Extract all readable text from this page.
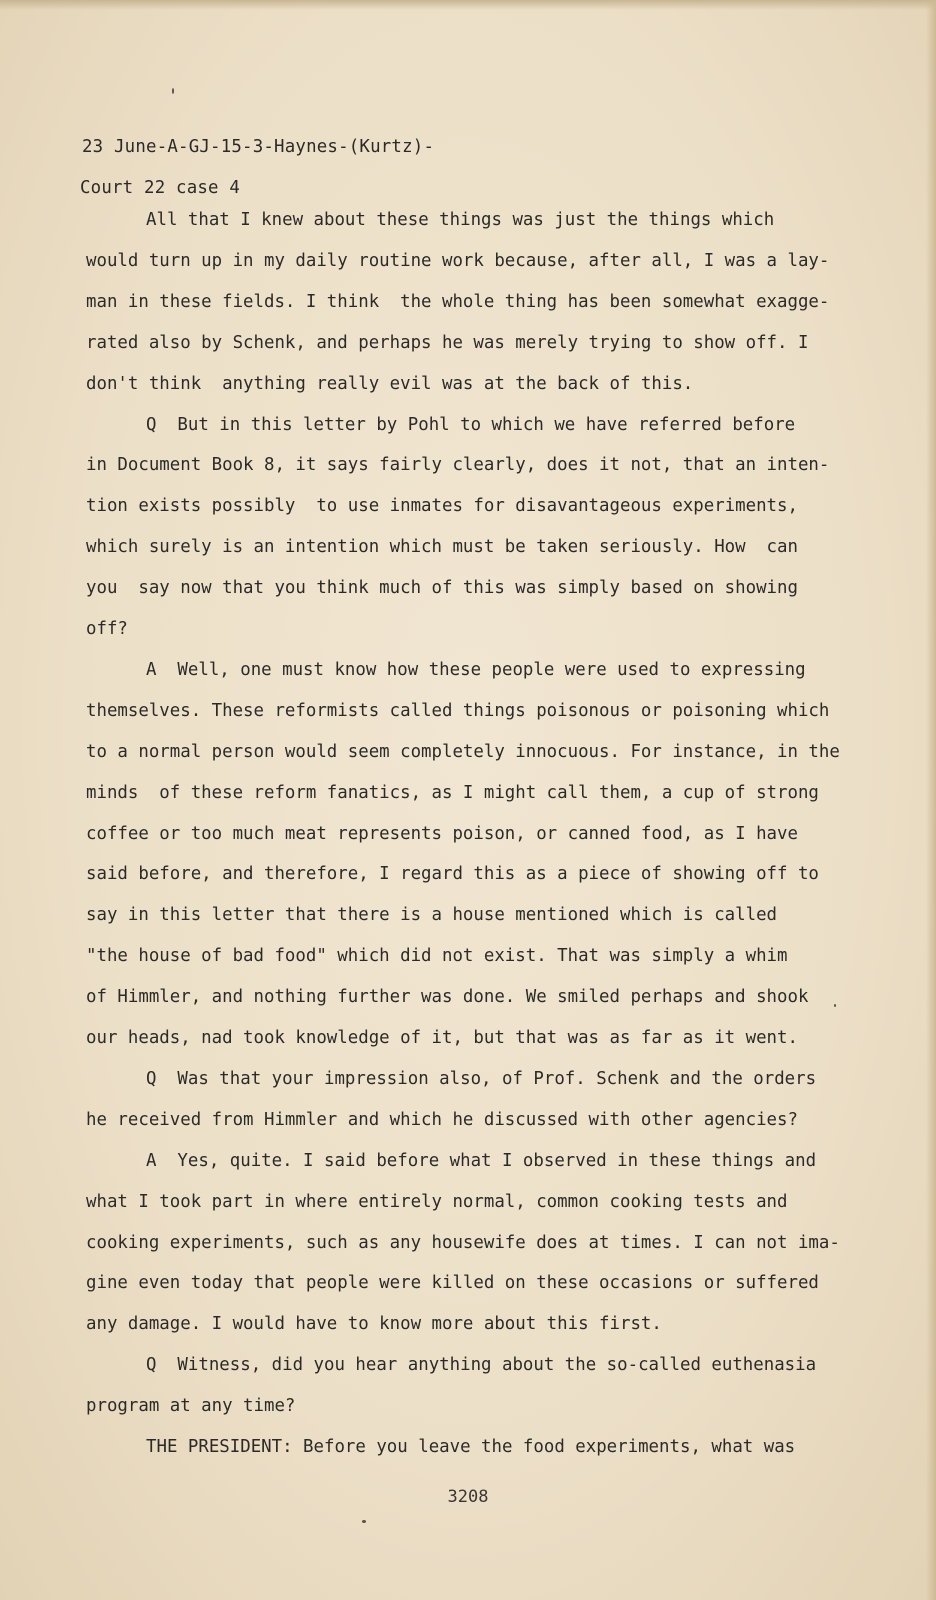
23 June-A-GJ-15-3-Haynes-(Kurtz)-
Court 22 case 4
All that I knew about these things was just the things which
would turn up in my daily routine work because, after all, I was a lay-
man in these fields. I think  the whole thing has been somewhat exagge-
rated also by Schenk, and perhaps he was merely trying to show off. I
don't think  anything really evil was at the back of this.
Q  But in this letter by Pohl to which we have referred before
in Document Book 8, it says fairly clearly, does it not, that an inten-
tion exists possibly  to use inmates for disavantageous experiments,
which surely is an intention which must be taken seriously. How  can
you  say now that you think much of this was simply based on showing
off?
A  Well, one must know how these people were used to expressing
themselves. These reformists called things poisonous or poisoning which
to a normal person would seem completely innocuous. For instance, in the
minds  of these reform fanatics, as I might call them, a cup of strong
coffee or too much meat represents poison, or canned food, as I have
said before, and therefore, I regard this as a piece of showing off to
say in this letter that there is a house mentioned which is called
"the house of bad food" which did not exist. That was simply a whim
of Himmler, and nothing further was done. We smiled perhaps and shook
our heads, nad took knowledge of it, but that was as far as it went.
Q  Was that your impression also, of Prof. Schenk and the orders
he received from Himmler and which he discussed with other agencies?
A  Yes, quite. I said before what I observed in these things and
what I took part in where entirely normal, common cooking tests and
cooking experiments, such as any housewife does at times. I can not ima-
gine even today that people were killed on these occasions or suffered
any damage. I would have to know more about this first.
Q  Witness, did you hear anything about the so-called euthenasia
program at any time?
THE PRESIDENT: Before you leave the food experiments, what was
3208
